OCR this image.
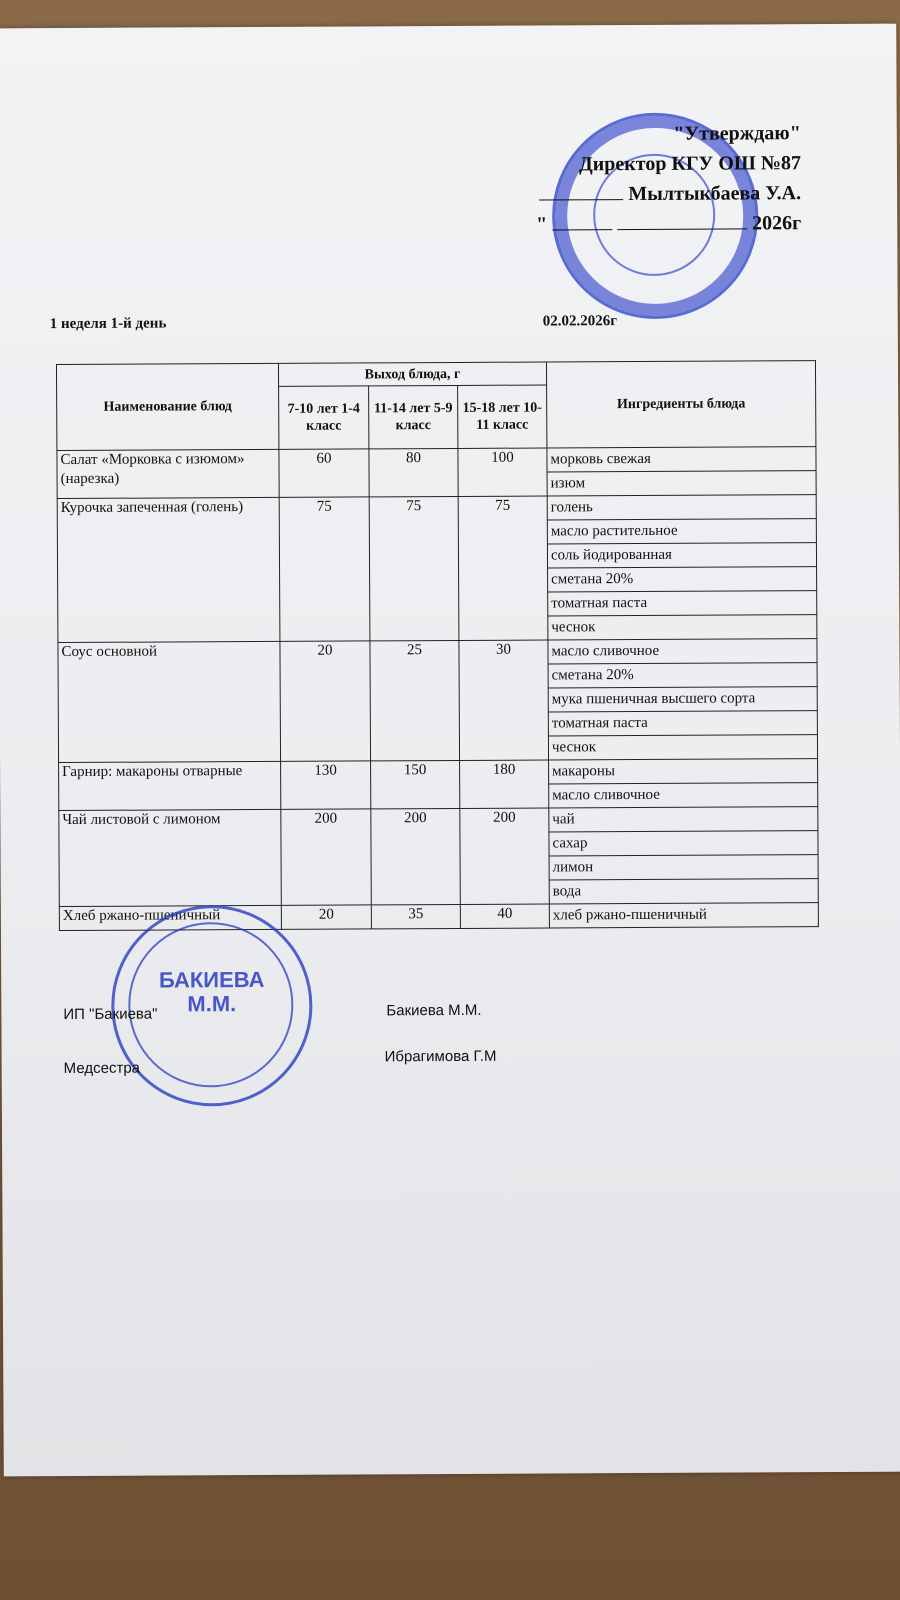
"Утверждаю"
Директор КГУ ОШ №87
Мылтыкбаева У.А.
"	2026г
1 неделя 1-й день	02.02.2026г
Наименование блюд	Выход блюда, г			Ингредиенты блюда
	7-10 лет 1-4 класс	11-14 лет 5-9 класс	15-18 лет 10-11 класс	
Салат «Морковка с изюмом» (нарезка)	60	80	100	морковь свежая
				изюм
Курочка запеченная (голень)	75	75	75	голень
				масло растительное
				соль йодированная
				сметана 20%
				томатная паста
				чеснок
Соус основной	20	25	30	масло сливочное
				сметана 20%
				мука пшеничная высшего сорта
				томатная паста
				чеснок
Гарнир: макароны отварные	130	150	180	макароны
				масло сливочное
Чай листовой с лимоном	200	200	200	чай
				сахар
				лимон
				вода
Хлеб ржано-пшеничный	20	35	40	хлеб ржано-пшеничный
БАКИЕВА М.М.
ИП "Бакиева"	Бакиева М.М.
Медсестра
Ибрагимова Г.М
